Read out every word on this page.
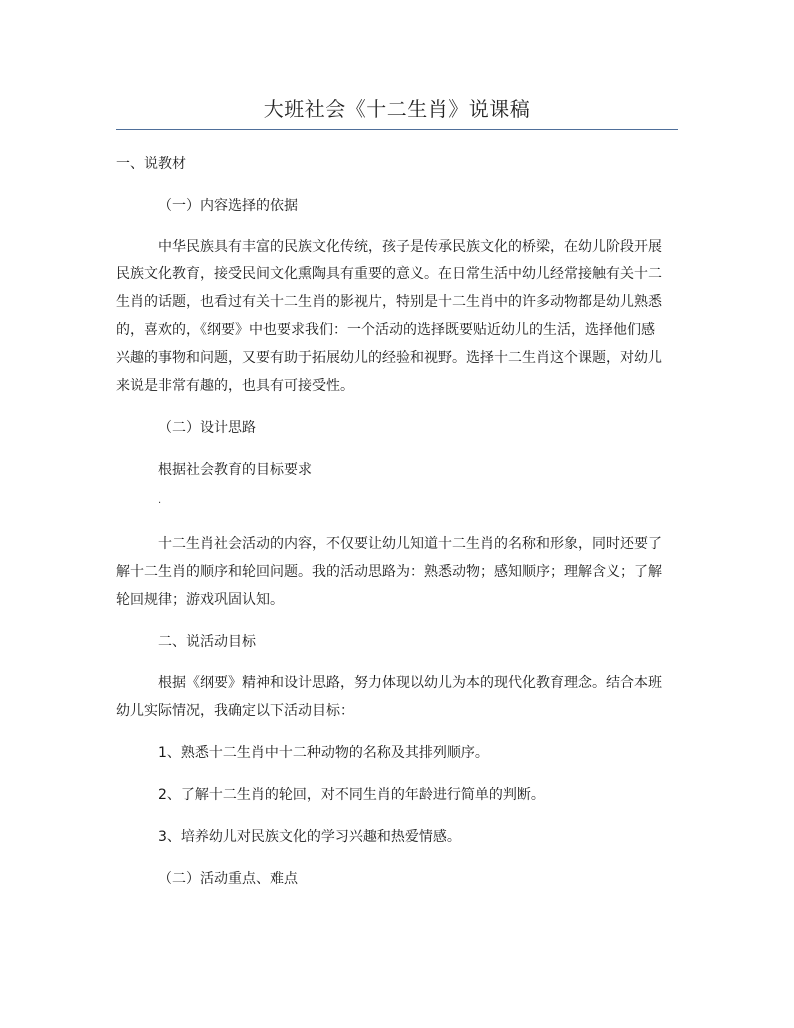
大班社会《十二生肖》说课稿
一、说教材
（一）内容选择的依据
中华民族具有丰富的民族文化传统，孩子是传承民族文化的桥梁，在幼儿阶段开展
民族文化教育，接受民间文化熏陶具有重要的意义。在日常生活中幼儿经常接触有关十二
生肖的话题，也看过有关十二生肖的影视片，特别是十二生肖中的许多动物都是幼儿熟悉
的，喜欢的，《纲要》中也要求我们：一个活动的选择既要贴近幼儿的生活，选择他们感
兴趣的事物和问题，又要有助于拓展幼儿的经验和视野。选择十二生肖这个课题，对幼儿
来说是非常有趣的，也具有可接受性。
（二）设计思路
根据社会教育的目标要求
·
十二生肖社会活动的内容，不仅要让幼儿知道十二生肖的名称和形象，同时还要了
解十二生肖的顺序和轮回问题。我的活动思路为：熟悉动物；感知顺序；理解含义；了解
轮回规律；游戏巩固认知。
二、说活动目标
根据《纲要》精神和设计思路，努力体现以幼儿为本的现代化教育理念。结合本班
幼儿实际情况，我确定以下活动目标：
1、熟悉十二生肖中十二种动物的名称及其排列顺序。
2、了解十二生肖的轮回，对不同生肖的年龄进行简单的判断。
3、培养幼儿对民族文化的学习兴趣和热爱情感。
（二）活动重点、难点
